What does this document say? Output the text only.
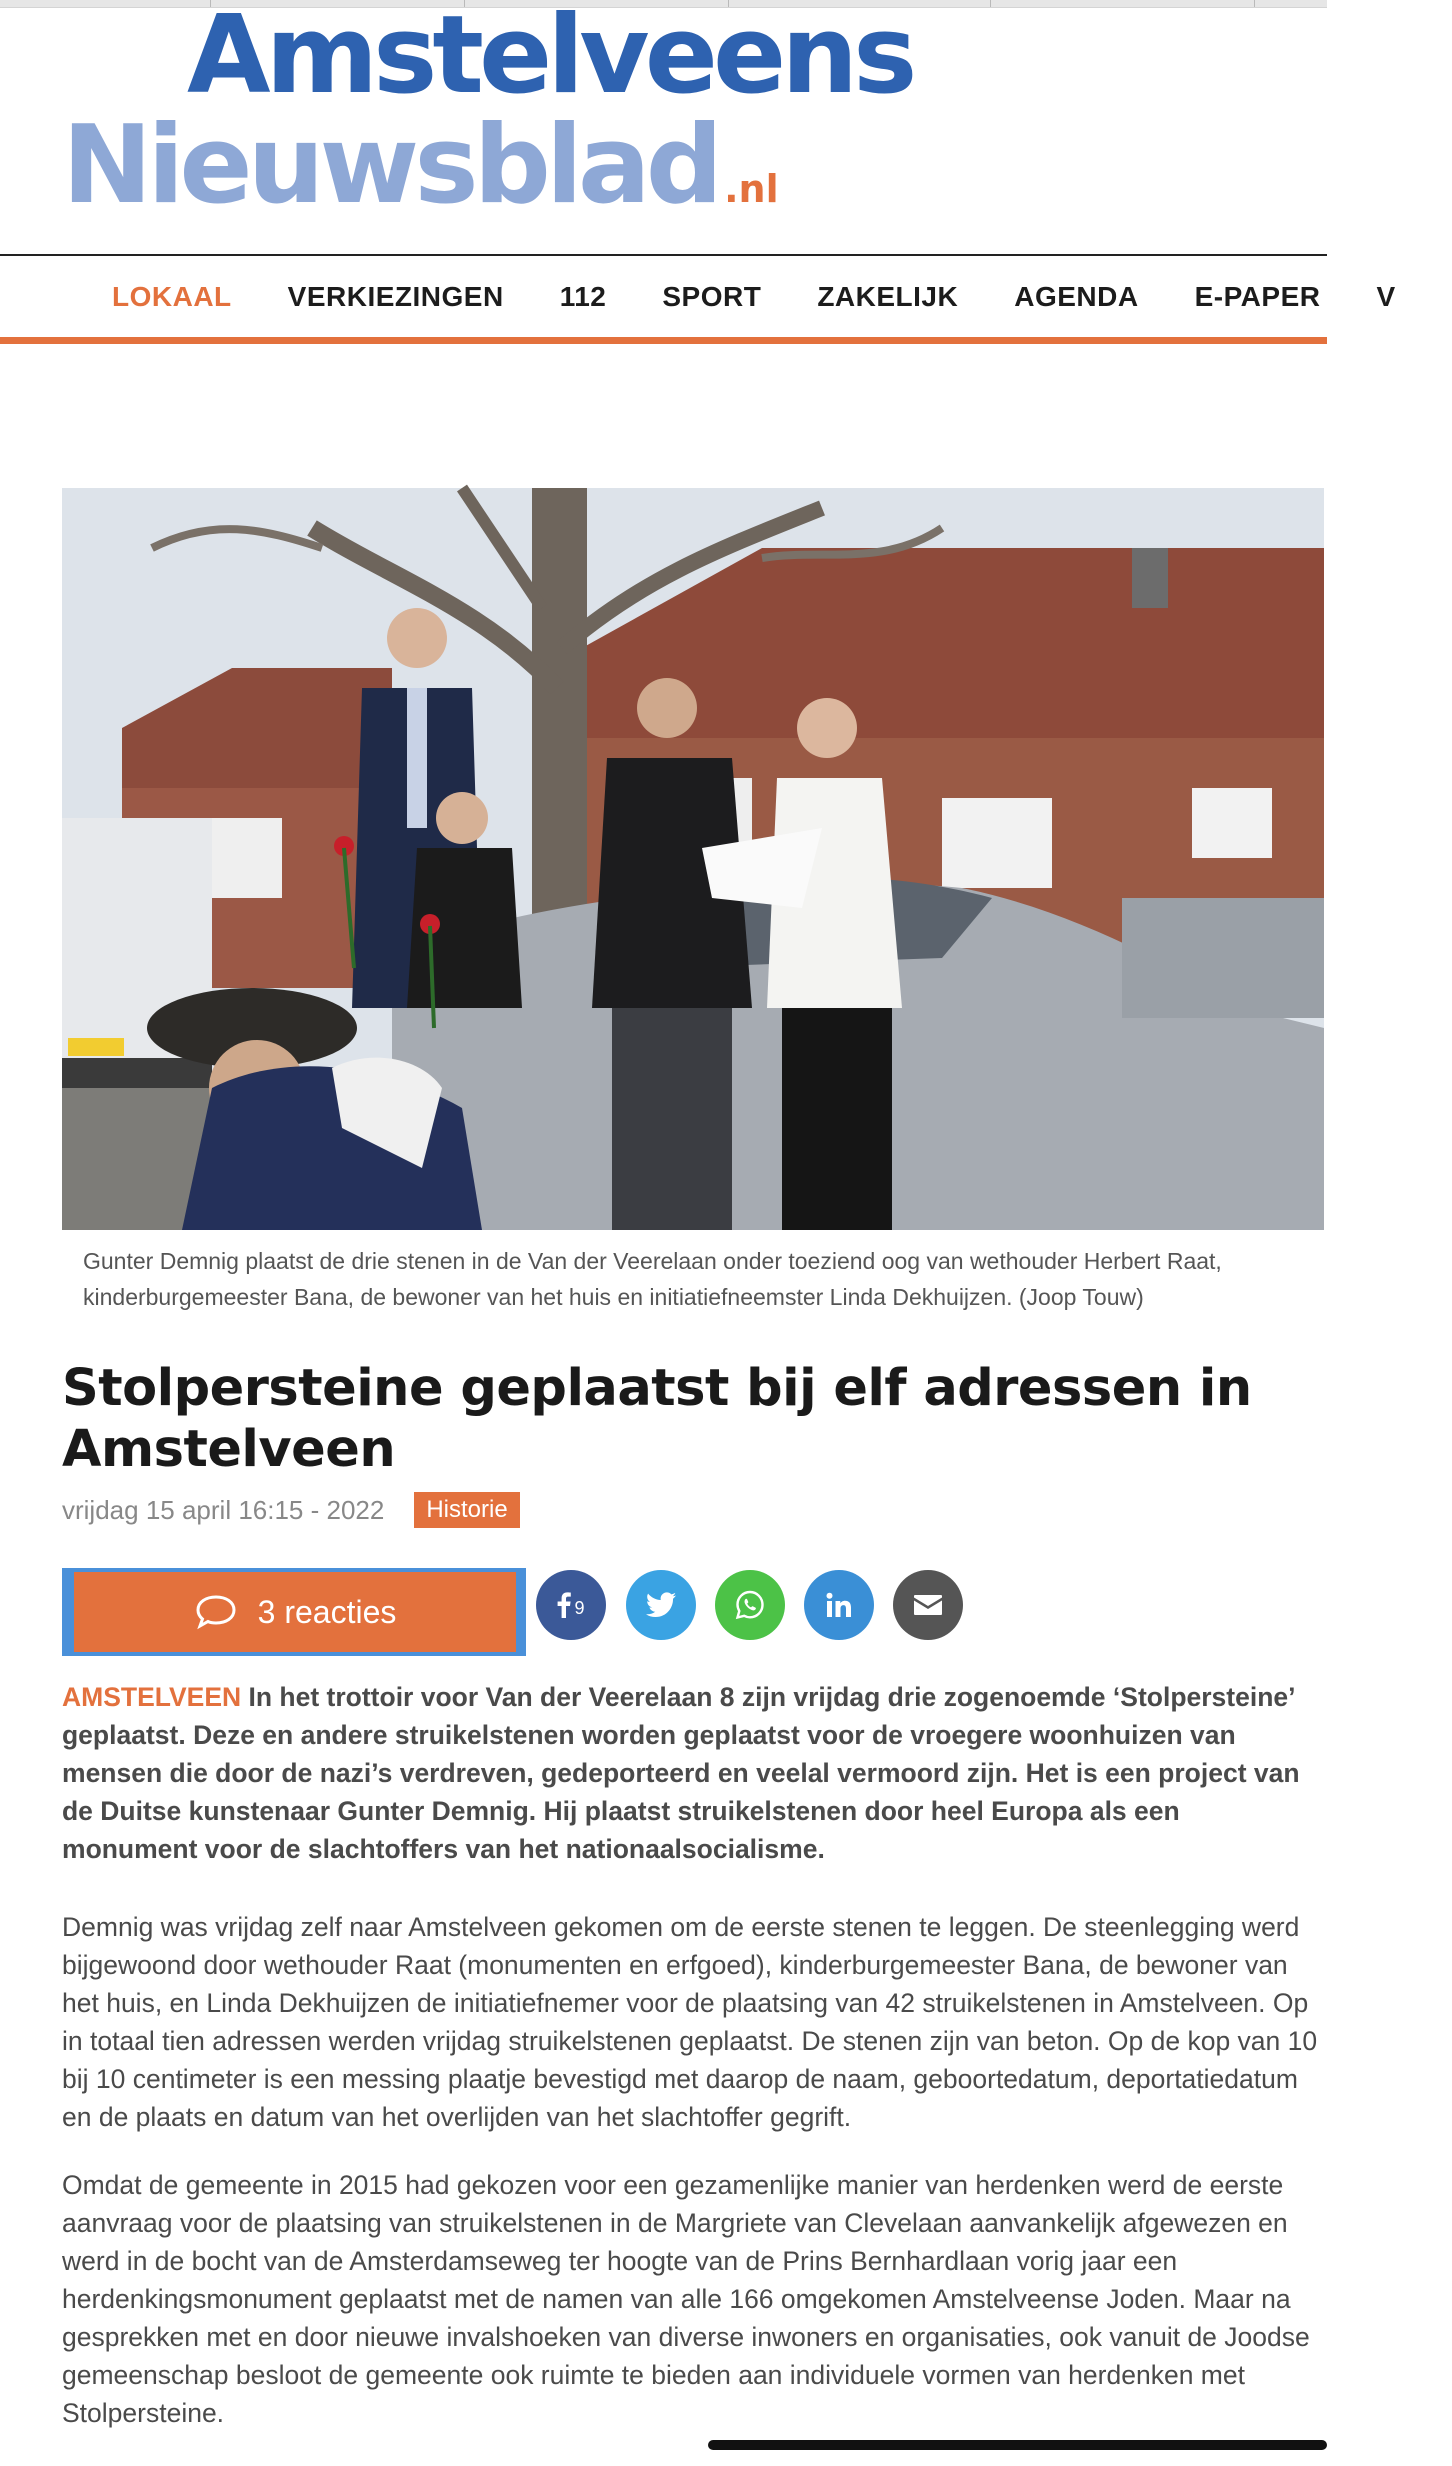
Amstelveens
Nieuwsblad .nl
LOKAAL VERKIEZINGEN 112 SPORT ZAKELIJK AGENDA E-PAPER V
Gunter Demnig plaatst de drie stenen in de Van der Veerelaan onder toeziend oog van wethouder Herbert Raat, kinderburgemeester Bana, de bewoner van het huis en initiatiefneemster Linda Dekhuijzen. (Joop Touw)
Stolpersteine geplaatst bij elf adressen in Amstelveen
vrijdag 15 april 16:15 - 2022	Historie
3 reacties	9

AMSTELVEEN In het trottoir voor Van der Veerelaan 8 zijn vrijdag drie zogenoemde ‘Stolpersteine’ geplaatst. Deze en andere struikelstenen worden geplaatst voor de vroegere woonhuizen van mensen die door de nazi’s verdreven, gedeporteerd en veelal vermoord zijn. Het is een project van de Duitse kunstenaar Gunter Demnig. Hij plaatst struikelstenen door heel Europa als een monument voor de slachtoffers van het nationaalsocialisme.

Demnig was vrijdag zelf naar Amstelveen gekomen om de eerste stenen te leggen. De steenlegging werd bijgewoond door wethouder Raat (monumenten en erfgoed), kinderburgemeester Bana, de bewoner van het huis, en Linda Dekhuijzen de initiatiefnemer voor de plaatsing van 42 struikelstenen in Amstelveen. Op in totaal tien adressen werden vrijdag struikelstenen geplaatst. De stenen zijn van beton. Op de kop van 10 bij 10 centimeter is een messing plaatje bevestigd met daarop de naam, geboortedatum, deportatiedatum en de plaats en datum van het overlijden van het slachtoffer gegrift.

Omdat de gemeente in 2015 had gekozen voor een gezamenlijke manier van herdenken werd de eerste aanvraag voor de plaatsing van struikelstenen in de Margriete van Clevelaan aanvankelijk afgewezen en werd in de bocht van de Amsterdamseweg ter hoogte van de Prins Bernhardlaan vorig jaar een herdenkingsmonument geplaatst met de namen van alle 166 omgekomen Amstelveense Joden. Maar na gesprekken met en door nieuwe invalshoeken van diverse inwoners en organisaties, ook vanuit de Joodse gemeenschap besloot de gemeente ook ruimte te bieden aan individuele vormen van herdenken met Stolpersteine.
